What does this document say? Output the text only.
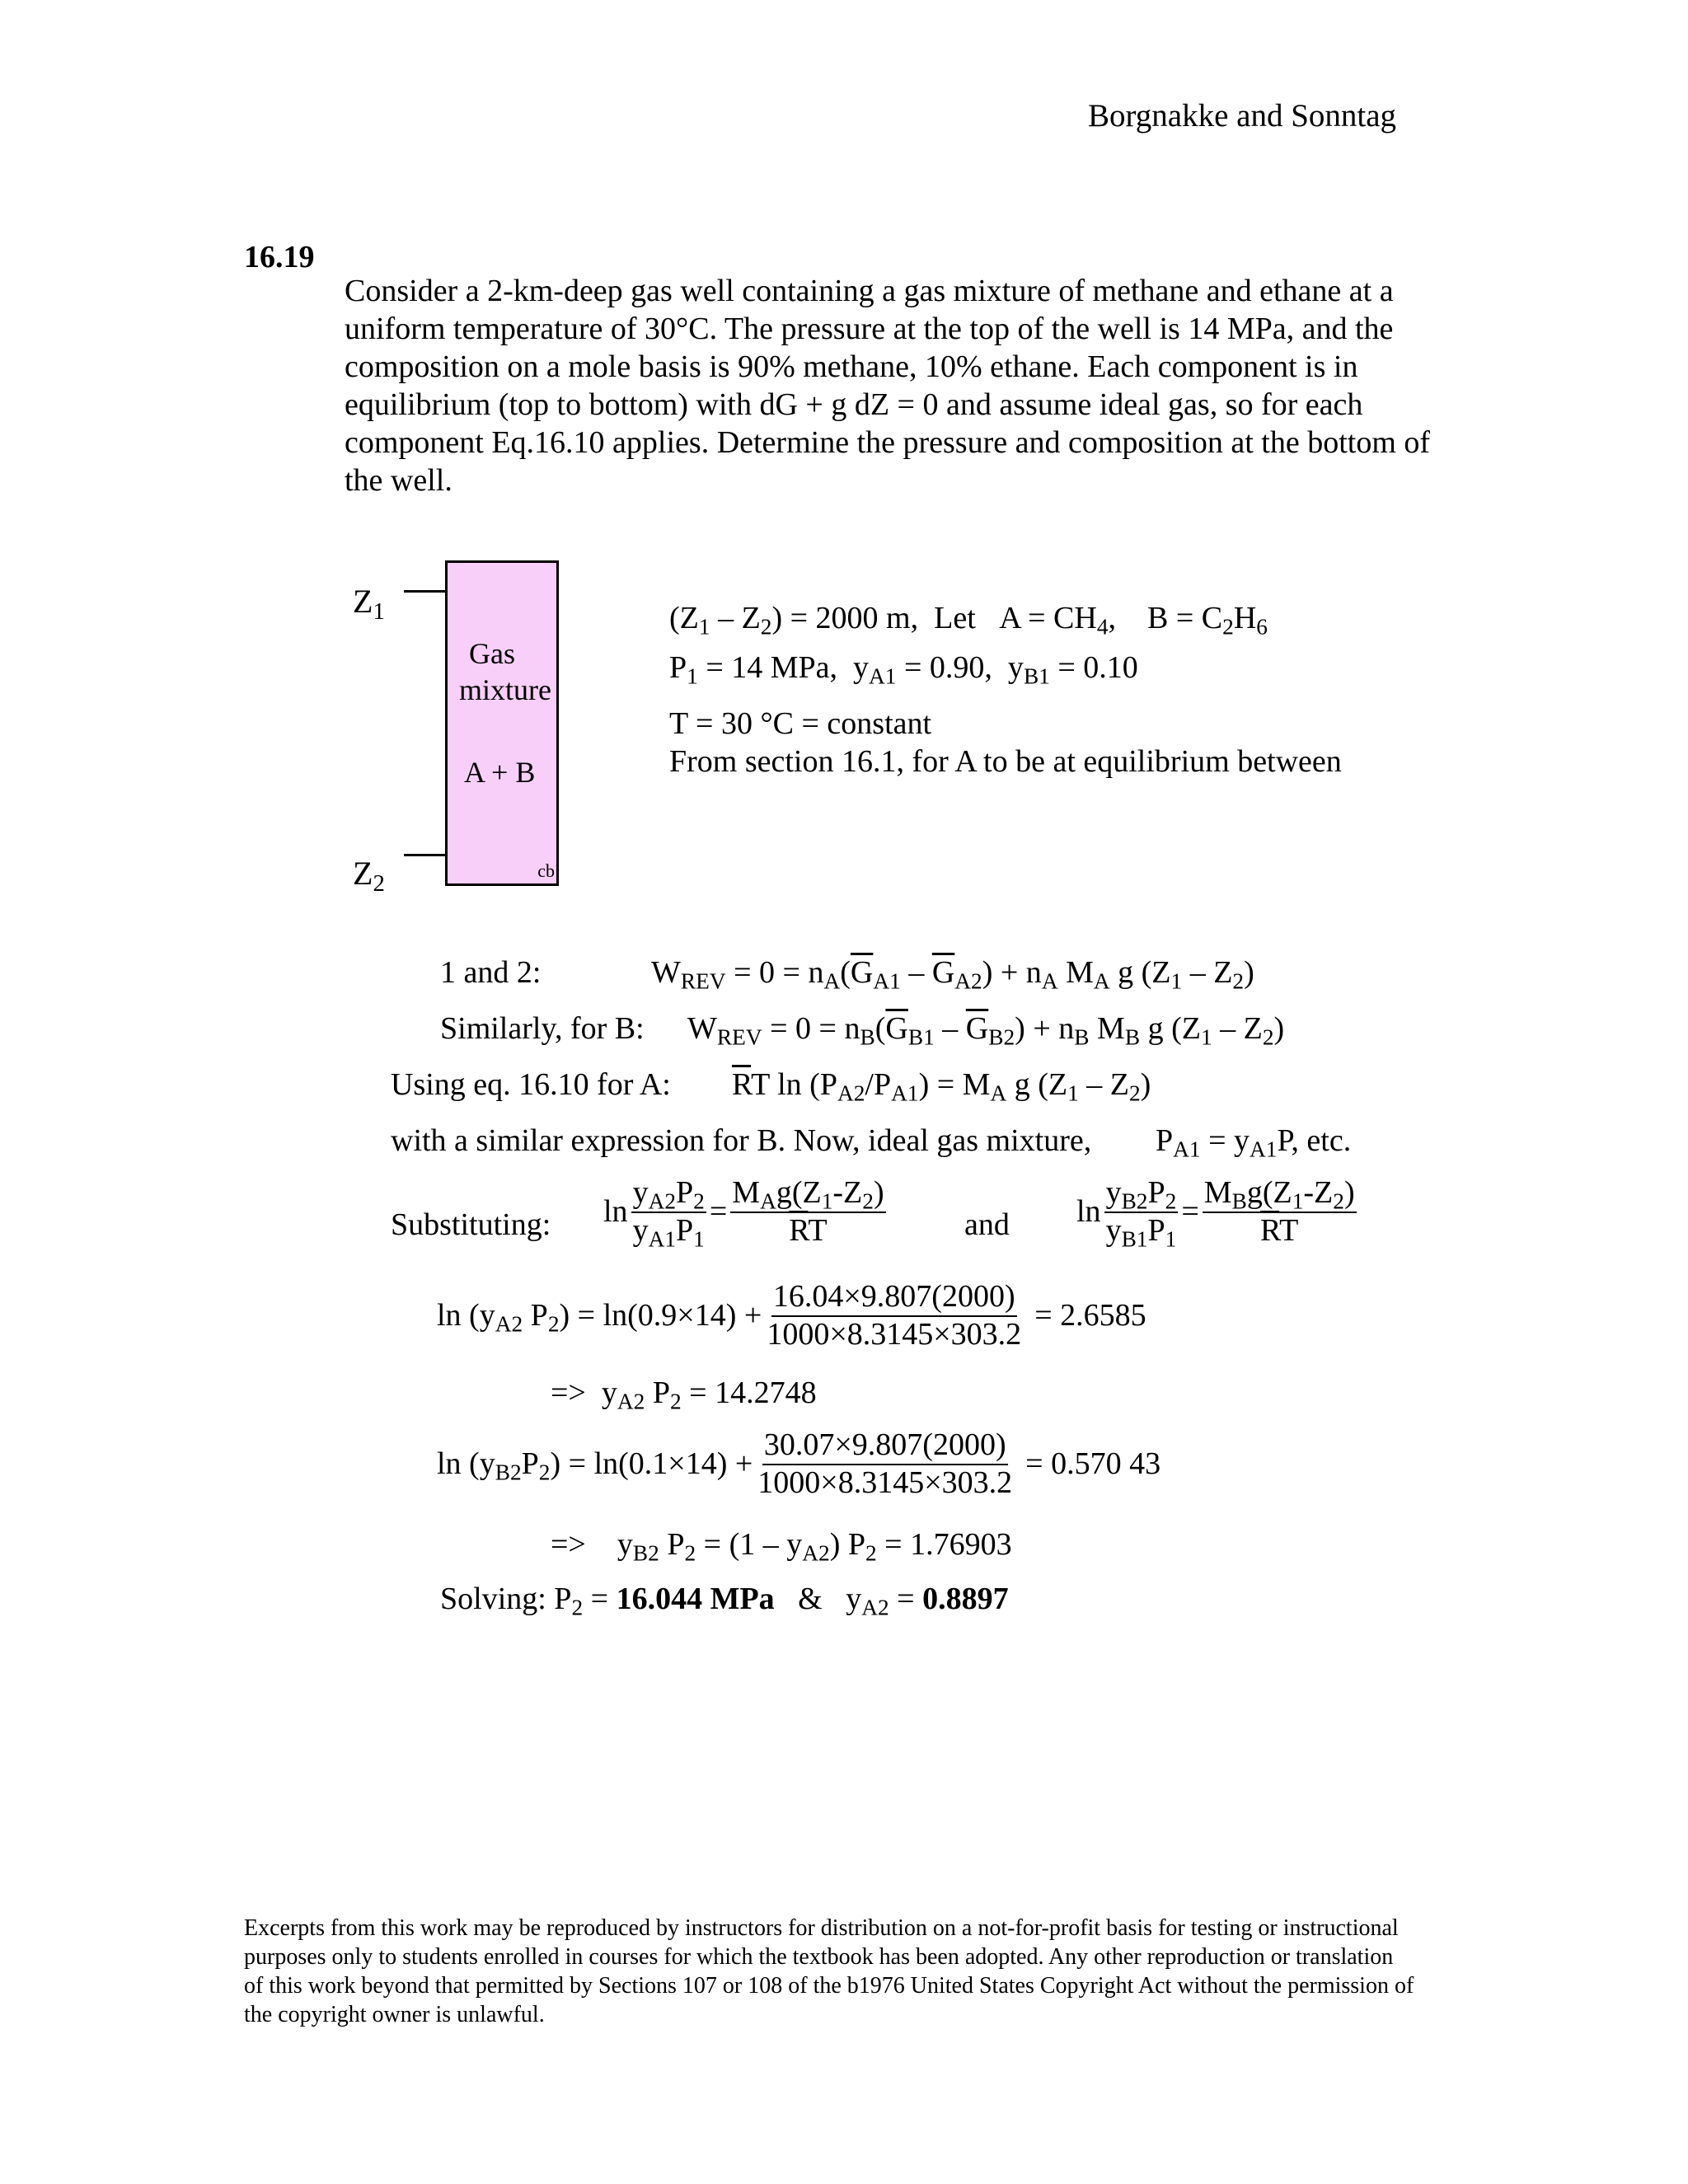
Borgnakke and Sonntag
16.19

Consider a 2-km-deep gas well containing a gas mixture of methane and ethane at a uniform temperature of 30°C. The pressure at the top of the well is 14 MPa, and the composition on a mole basis is 90% methane, 10% ethane. Each component is in equilibrium (top to bottom) with dG + g dZ = 0 and assume ideal gas, so for each component Eq.16.10 applies. Determine the pressure and composition at the bottom of the well.

$Z_1$
$Z_2$
Gas
mixture
A + B
cb
$(Z_1 - Z_2) = 2000$ m,  Let   $A = CH_4$,    $B = C_2H_6$
$P_1 = 14$ MPa,  $y_{A1} = 0.90$,  $y_{B1} = 0.10$
T = 30 °C = constant
From section 16.1, for A to be at equilibrium between
1 and 2:	$W_{REV} = 0 = n_A(\overline{G}_{A1} - \overline{G}_{A2}) + n_A$ $M_A$ g $(Z_1 - Z_2)$
Similarly, for B: $W_{REV} = 0 = n_B(\overline{G}_{B1} - \overline{G}_{B2}) + n_B$ $M_B$ g $(Z_1 - Z_2)$
Using eq. 16.10 for A: $\overline{R}T$ $\ln (P_{A2}/P_{A1}) = M_A$ g $(Z_1 - Z_2)$
with a similar expression for B. Now, ideal gas mixture, $P_{A1} = y_{A1}P$, etc.
Substituting: $\ln \frac{y_{A2}P_2}{y_{A1}P_1} = \frac{M_Ag(Z_1-Z_2)}{\overline{R}T}$	and $\ln \frac{y_{B2}P_2}{y_{B1}P_1} = \frac{M_Bg(Z_1-Z_2)}{\overline{R}T}$
$\ln (y_{A2}$ $P_2) = \ln(0.9\times 14) + \frac{16.04\times 9.807(2000)}{1000\times 8.3145\times 303.2} = 2.6585$
=>  $y_{A2}$ $P_2 = 14.2748$
$\ln (y_{B2}P_2) = \ln(0.1\times 14) + \frac{30.07\times 9.807(2000)}{1000\times 8.3145\times 303.2} = 0.570$ 43
=>    $y_{B2}$ $P_2 = (1 - y_{A2}) P_2 = 1.76903$
Solving: $P_2 = 16.044$ MPa   &   $y_{A2} = 0.8897$

Excerpts from this work may be reproduced by instructors for distribution on a not-for-profit basis for testing or instructional purposes only to students enrolled in courses for which the textbook has been adopted. Any other reproduction or translation of this work beyond that permitted by Sections 107 or 108 of the b1976 United States Copyright Act without the permission of the copyright owner is unlawful.
